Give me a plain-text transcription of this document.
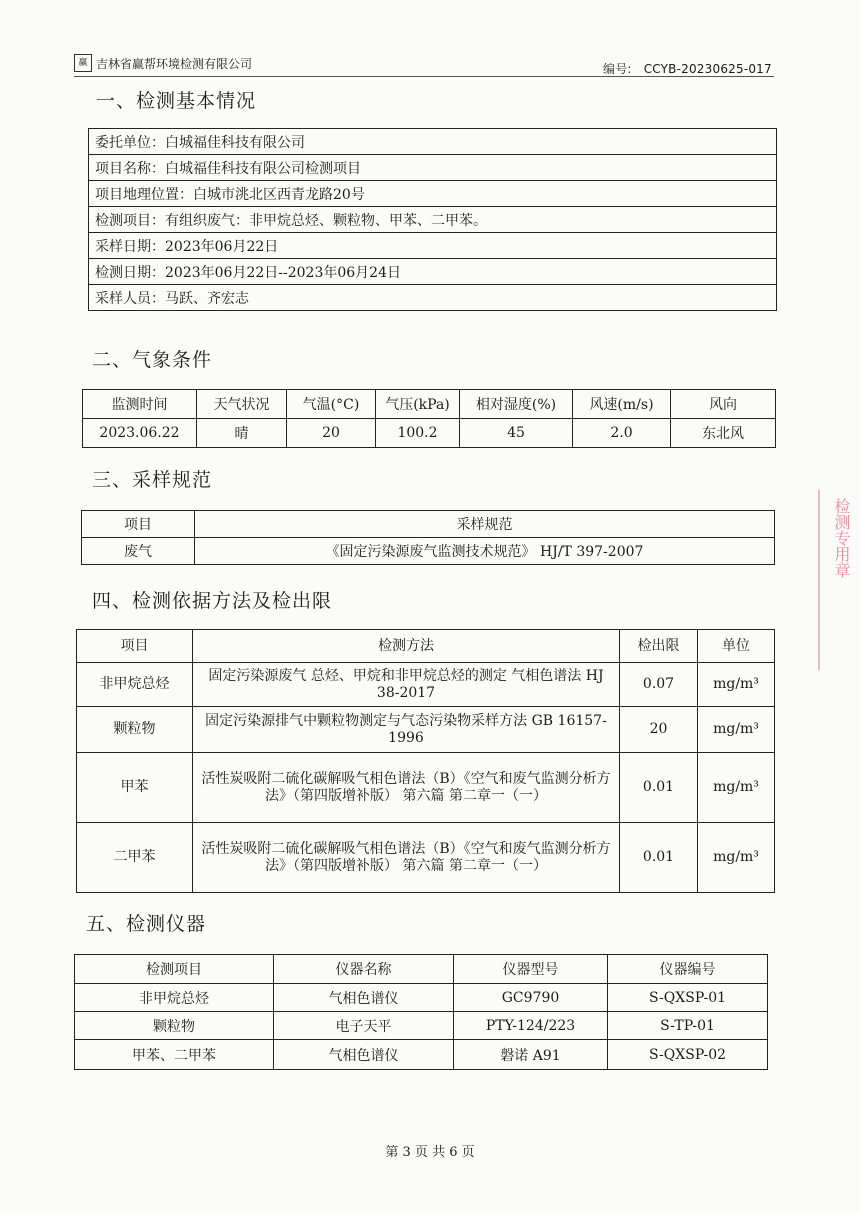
赢 吉林省赢帮环境检测有限公司	编号: CCYB-20230625-017
一、检测基本情况
委托单位：白城福佳科技有限公司
项目名称：白城福佳科技有限公司检测项目
项目地理位置：白城市洮北区西青龙路20号
检测项目：有组织废气：非甲烷总烃、颗粒物、甲苯、二甲苯。
采样日期：2023年06月22日
检测日期：2023年06月22日--2023年06月24日
采样人员：马跃、齐宏志
二、气象条件
监测时间	天气状况	气温(°C)	气压(kPa)	相对湿度(%)	风速(m/s)	风向
2023.06.22	晴	20	100.2	45	2.0	东北风
三、采样规范
项目	采样规范
废气	《固定污染源废气监测技术规范》 HJ/T 397-2007
四、检测依据方法及检出限
项目	检测方法	检出限	单位
非甲烷总烃	固定污染源废气 总烃、甲烷和非甲烷总烃的测定 气相色谱法 HJ 38-2017	0.07	mg/m³
颗粒物	固定污染源排气中颗粒物测定与气态污染物采样方法 GB 16157-1996	20	mg/m³
甲苯	活性炭吸附二硫化碳解吸气相色谱法（B）《空气和废气监测分析方法》（第四版增补版） 第六篇 第二章一（一）	0.01	mg/m³
二甲苯	活性炭吸附二硫化碳解吸气相色谱法（B）《空气和废气监测分析方法》（第四版增补版） 第六篇 第二章一（一）	0.01	mg/m³
五、检测仪器
检测项目	仪器名称	仪器型号	仪器编号
非甲烷总烃	气相色谱仪	GC9790	S-QXSP-01
颗粒物	电子天平	PTY-124/223	S-TP-01
甲苯、二甲苯	气相色谱仪	磐诺 A91	S-QXSP-02
第 3 页 共 6 页
检测专用章
